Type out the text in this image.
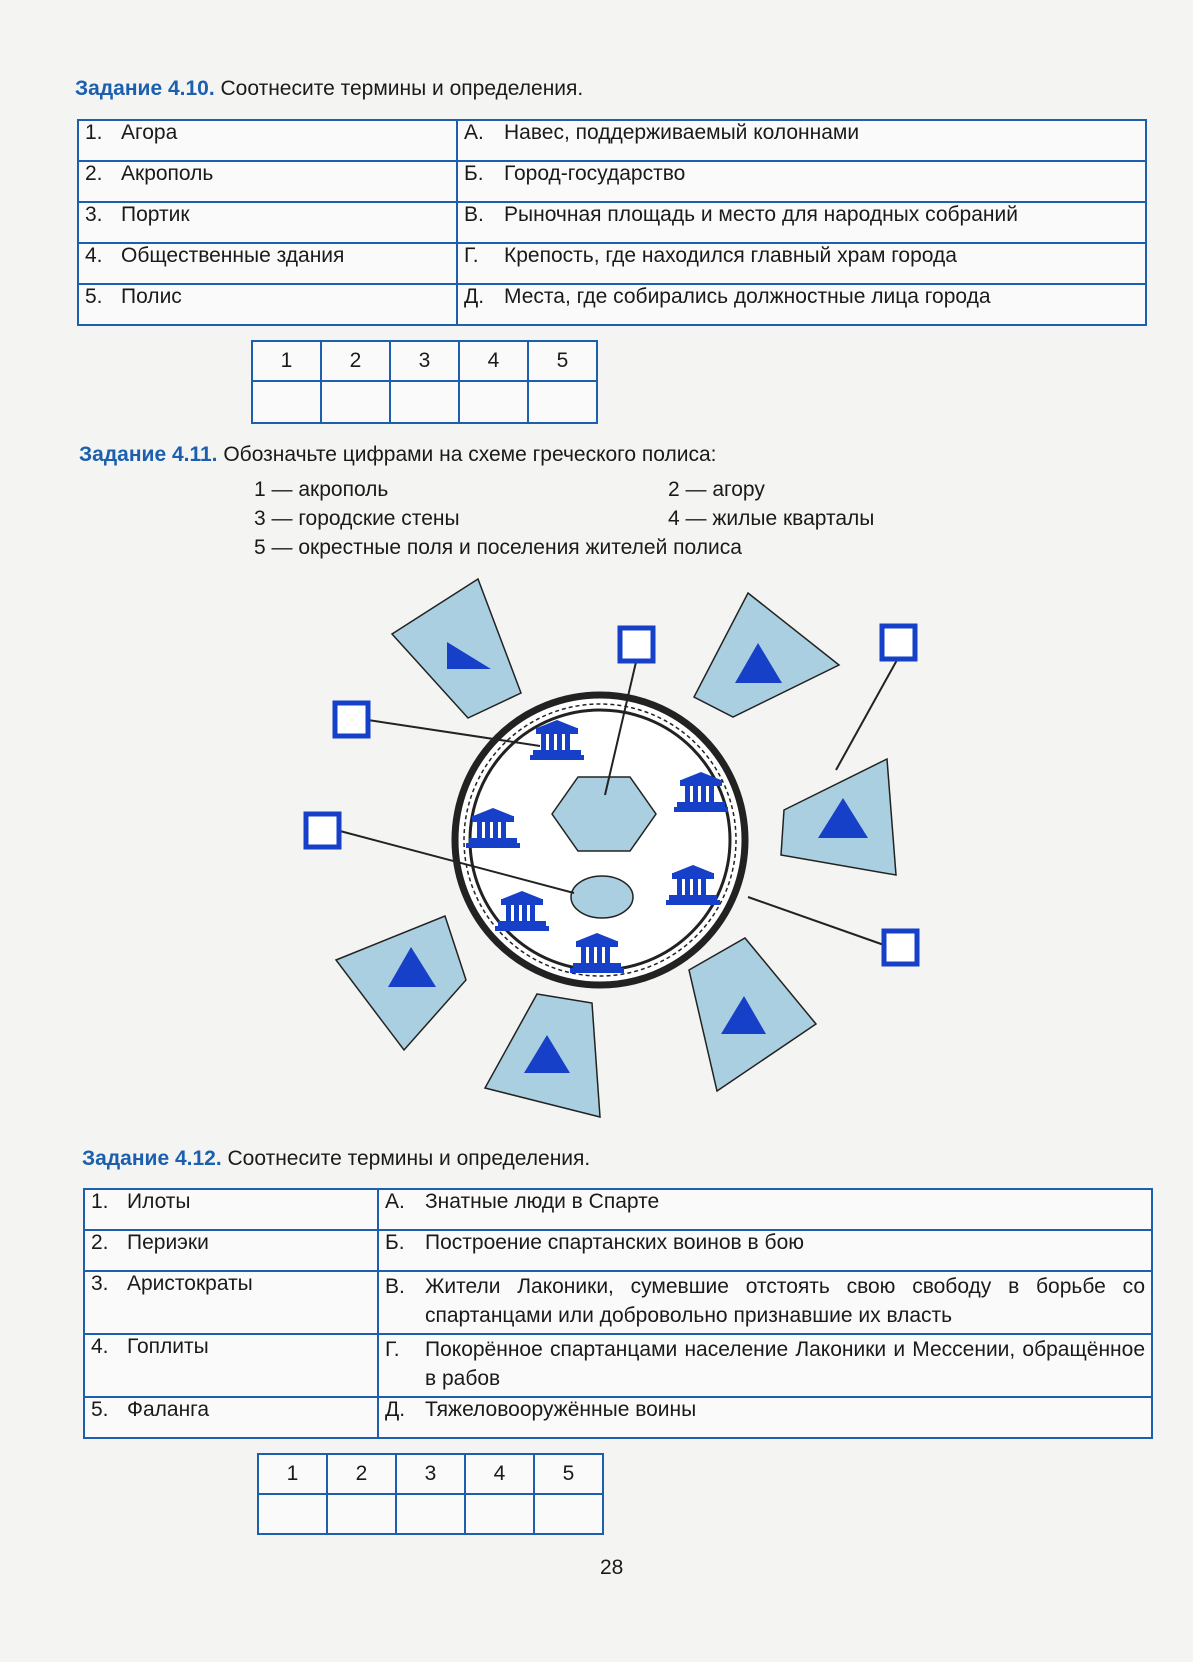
Задание 4.10. Соотнесите термины и определения.
1. Агора	А. Навес, поддерживаемый колоннами
2. Акрополь	Б. Город-государство
3. Портик	В. Рыночная площадь и место для народных собраний
4. Общественные здания	Г. Крепость, где находился главный храм города
5. Полис	Д. Места, где собирались должностные лица города
1	2	3	4	5

Задание 4.11. Обозначьте цифрами на схеме греческого полиса:
1 — акрополь	2 — агору
3 — городские стены	4 — жилые кварталы
5 — окрестные поля и поселения жителей полиса
Задание 4.12. Соотнесите термины и определения.
1. Илоты	А. Знатные люди в Спарте

2. Периэки	Б. Построение спартанских воинов в бою

3. Аристократы	В. Жители Лаконики, сумевшие отстоять свою свободу в борьбе со спартанцами или добровольно признавшие их власть

4. Гоплиты	Г. Покорённое спартанцами население Лаконики и Мессении, обращённое в рабов

5. Фаланга	Д. Тяжеловооружённые воины
1	2	3	4	5

28
